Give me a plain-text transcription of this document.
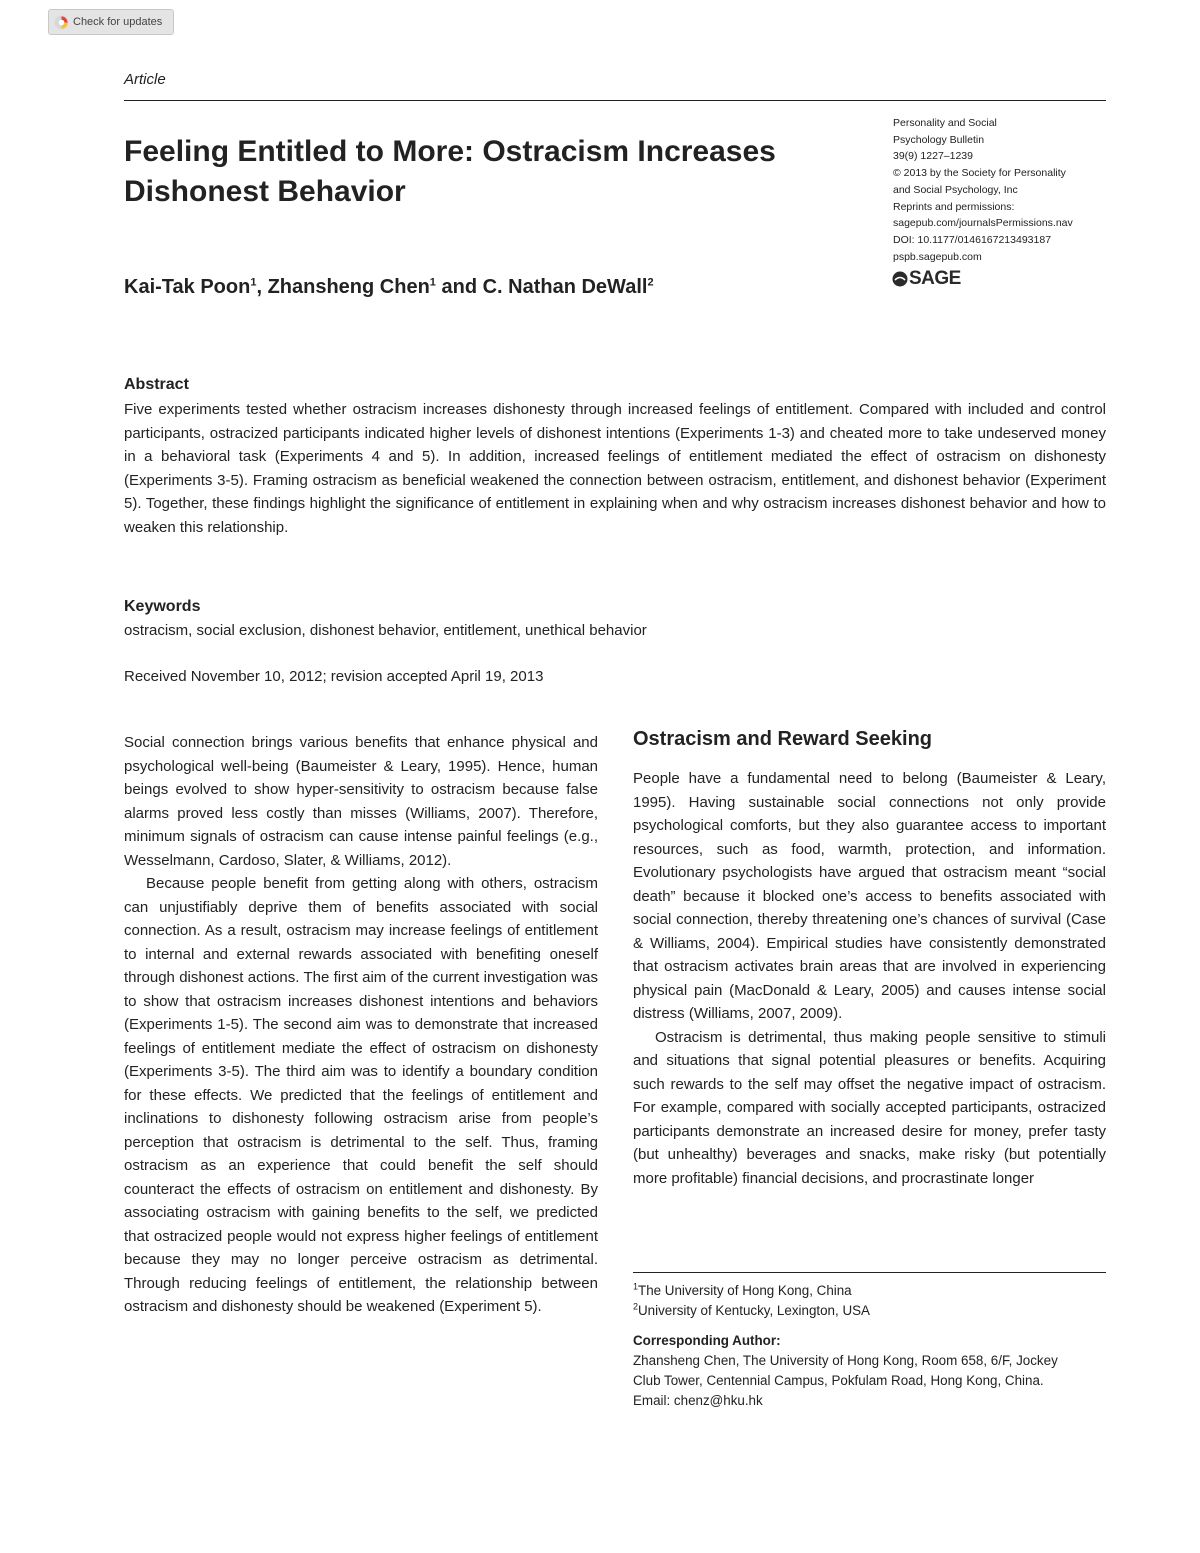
Check for updates
Article
Feeling Entitled to More: Ostracism Increases Dishonest Behavior
Personality and Social
Psychology Bulletin
39(9) 1227–1239
© 2013 by the Society for Personality
and Social Psychology, Inc
Reprints and permissions:
sagepub.com/journalsPermissions.nav
DOI: 10.1177/0146167213493187
pspb.sagepub.com
SAGE
Kai-Tak Poon$^1$, Zhansheng Chen$^1$ and C. Nathan DeWall$^2$
Abstract

Five experiments tested whether ostracism increases dishonesty through increased feelings of entitlement. Compared with included and control participants, ostracized participants indicated higher levels of dishonest intentions (Experiments 1-3) and cheated more to take undeserved money in a behavioral task (Experiments 4 and 5). In addition, increased feelings of entitlement mediated the effect of ostracism on dishonesty (Experiments 3-5). Framing ostracism as beneficial weakened the connection between ostracism, entitlement, and dishonest behavior (Experiment 5). Together, these findings highlight the significance of entitlement in explaining when and why ostracism increases dishonest behavior and how to weaken this relationship.

Keywords
ostracism, social exclusion, dishonest behavior, entitlement, unethical behavior
Received November 10, 2012; revision accepted April 19, 2013

Social connection brings various benefits that enhance physical and psychological well-being (Baumeister & Leary, 1995). Hence, human beings evolved to show hyper-sensitivity to ostracism because false alarms proved less costly than misses (Williams, 2007). Therefore, minimum signals of ostracism can cause intense painful feelings (e.g., Wesselmann, Cardoso, Slater, & Williams, 2012).

Because people benefit from getting along with others, ostracism can unjustifiably deprive them of benefits associated with social connection. As a result, ostracism may increase feelings of entitlement to internal and external rewards associated with benefiting oneself through dishonest actions. The first aim of the current investigation was to show that ostracism increases dishonest intentions and behaviors (Experiments 1-5). The second aim was to demonstrate that increased feelings of entitlement mediate the effect of ostracism on dishonesty (Experiments 3-5). The third aim was to identify a boundary condition for these effects. We predicted that the feelings of entitlement and inclinations to dishonesty following ostracism arise from people’s perception that ostracism is detrimental to the self. Thus, framing ostracism as an experience that could benefit the self should counteract the effects of ostracism on entitlement and dishonesty. By associating ostracism with gaining benefits to the self, we predicted that ostracized people would not express higher feelings of entitlement because they may no longer perceive ostracism as detrimental. Through reducing feelings of entitlement, the relationship between ostracism and dishonesty should be weakened (Experiment 5).

Ostracism and Reward Seeking

People have a fundamental need to belong (Baumeister & Leary, 1995). Having sustainable social connections not only provide psychological comforts, but they also guarantee access to important resources, such as food, warmth, protection, and information. Evolutionary psychologists have argued that ostracism meant “social death” because it blocked one’s access to benefits associated with social connection, thereby threatening one’s chances of survival (Case & Williams, 2004). Empirical studies have consistently demonstrated that ostracism activates brain areas that are involved in experiencing physical pain (MacDonald & Leary, 2005) and causes intense social distress (Williams, 2007, 2009).

Ostracism is detrimental, thus making people sensitive to stimuli and situations that signal potential pleasures or benefits. Acquiring such rewards to the self may offset the negative impact of ostracism. For example, compared with socially accepted participants, ostracized participants demonstrate an increased desire for money, prefer tasty (but unhealthy) beverages and snacks, make risky (but potentially more profitable) financial decisions, and procrastinate longer

$^1$The University of Hong Kong, China
$^2$University of Kentucky, Lexington, USA
Corresponding Author:
Zhansheng Chen, The University of Hong Kong, Room 658, 6/F, Jockey
Club Tower, Centennial Campus, Pokfulam Road, Hong Kong, China.
Email: chenz@hku.hk
